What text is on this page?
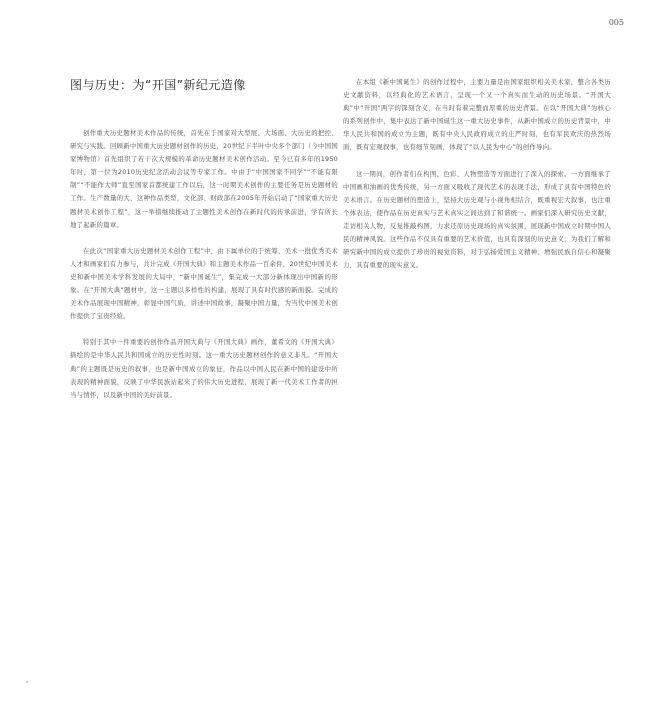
005
图与历史：为“开国”新纪元造像

创作重大历史题材美术作品的传统，首先在于国家对大型展、大场面、大历史的把控、研究与实践。回顾新中国重大历史题材创作的历史，20世纪下半叶中央多个部门（今中国国家博物馆）首先组织了若干次大规模的革命历史题材美术创作活动。至今已有多年的1950年时，第一位为2010历史纪念活动会议等专家工作。中由于“中国国家不同学”“不能有限制”“不能作大师”直至国家首都统建工作以后，这一时期美术创作的主要任务是历史题材的工作。生产数量的大，这种作品类型，文化部、财政部在2005年开始启动了“国家重大历史题材美术创作工程”，这一举措继续推动了主题性美术创作在新时代的传承前进，学有所长地了起新的篇章。

在此次“国家重大历史题材美术创作工程”中，由下属单位的于统筹、美术一批优秀美术人才和画家们有力参与，共计完成《开国大典》和主题美术作品一百余件，20世纪中国美术史和新中国美术学科发展的大局中，“新中国诞生”，集完成一大部分新体现出中国新的形象。在“开国大典”题材中，这一主题以多样性的构建，展现了具有时代感的新面貌。完成的美术作品展现中国精神，彰显中国气质，讲述中国故事，凝聚中国力量，为当代中国美术创作提供了宝贵经验。

特别于其中一件重要的创作作品开国大典与《开国大典》画作，董希文的《开国大典》描绘的是中华人民共和国成立的历史性时刻。这一重大历史题材创作的意义非凡。“开国大典”的主题既是历史的叙事，也是新中国成立的象征，作品以中国人民在新中国的建设中所表现的精神面貌，反映了中华民族站起来了的伟大历史进程，展现了新一代美术工作者的担当与情怀，以及新中国的美好前景。

在本组《新中国诞生》的创作过程中，主要力量是由国家组织相关美术家，整合各类历史文献资料，以经典化的艺术语言，呈现一个又一个真实而生动的历史场景。“开国大典”中“开国”两字的深刻含义，在当时有着完整而厚重的历史背景。在以“开国大典”为核心的系列创作中，集中表达了新中国诞生这一重大历史事件，从新中国成立的历史背景中，中华人民共和国的成立为主题，既有中央人民政府成立的庄严时刻，也有军民欢庆的热烈场面，既有宏观叙事，也有细节刻画，体现了“以人民为中心”的创作导向。

这一期间，创作者们在构图、色彩、人物塑造等方面进行了深入的探索。一方面继承了中国画和油画的优秀传统，另一方面又吸收了现代艺术的表现手法，形成了具有中国特色的美术语言。在历史题材的塑造上，坚持大历史观与小视角相结合，既重视宏大叙事，也注重个体表达，使作品在历史真实与艺术真实之间达到了和谐统一。画家们深入研究历史文献，走访相关人物，反复推敲构图，力求还原历史现场的真实氛围，展现新中国成立时期中国人民的精神风貌。这些作品不仅具有重要的艺术价值，也具有深刻的历史意义，为我们了解和研究新中国的成立提供了珍贵的视觉资料，对于弘扬爱国主义精神、增强民族自信心和凝聚力，具有重要的现实意义。
